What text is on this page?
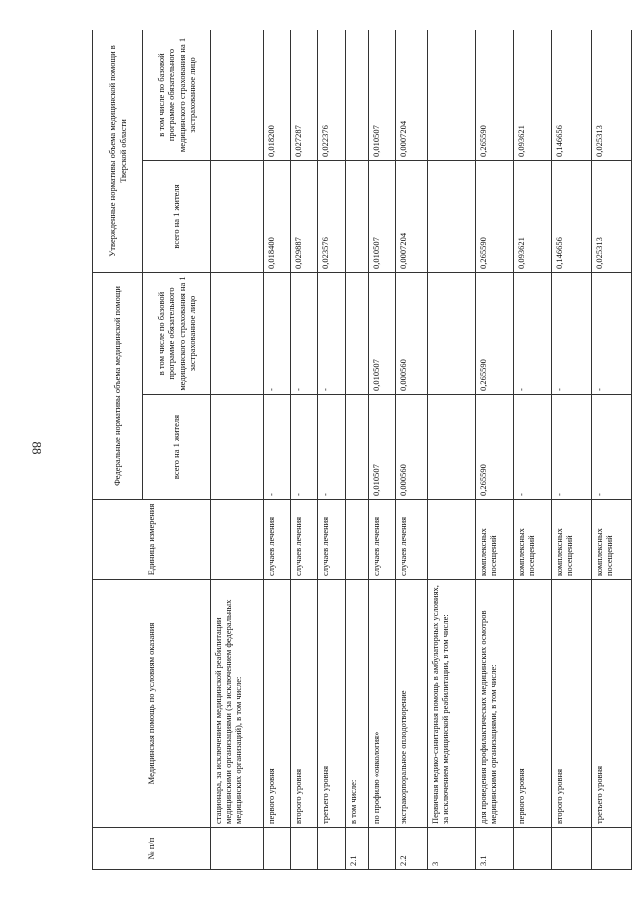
88
№ п/п	Медицинская помощь по условиям оказания	Единица измерения	Федеральные нормативы объема медицинской помощи		Утвержденные нормативы объема медицинской помощи в Тверской области	
			всего на 1 жителя	в том числе по базовой программе обязательного медицинского страхования на 1 застрахованное лицо	всего на 1 жителя	в том числе по базовой программе обязательного медицинского страхования на 1 застрахованное лицо
	стационара, за исключением медицинской реабилитации медицинскими организациями (за исключением федеральных медицинских организаций), в том числе:					
	первого уровня	случаев лечения	-	-	0,018400	0,018200
	второго уровня	случаев лечения	-	-	0,029887	0,027287
	третьего уровня	случаев лечения	-	-	0,023576	0,022376
2.1	в том числе:					
	по профилю «онкология»	случаев лечения	0,010507	0,010507	0,010507	0,010507
2.2	экстракорпоральное оплодотворение	случаев лечения	0,000560	0,000560	0,0007204	0,0007204
3	Первичная медико-санитарная помощь в амбулаторных условиях, за исключением медицинской реабилитации, в том числе:					
3.1	для проведения профилактических медицинских осмотров медицинскими организациями, в том числе:	комплексных посещений	0,265590	0,265590	0,265590	0,265590
	первого уровня	комплексных посещений	-	-	0,093621	0,093621
	второго уровня	комплексных посещений	-	-	0,146656	0,146656
	третьего уровня	комплексных посещений	-	-	0,025313	0,025313
